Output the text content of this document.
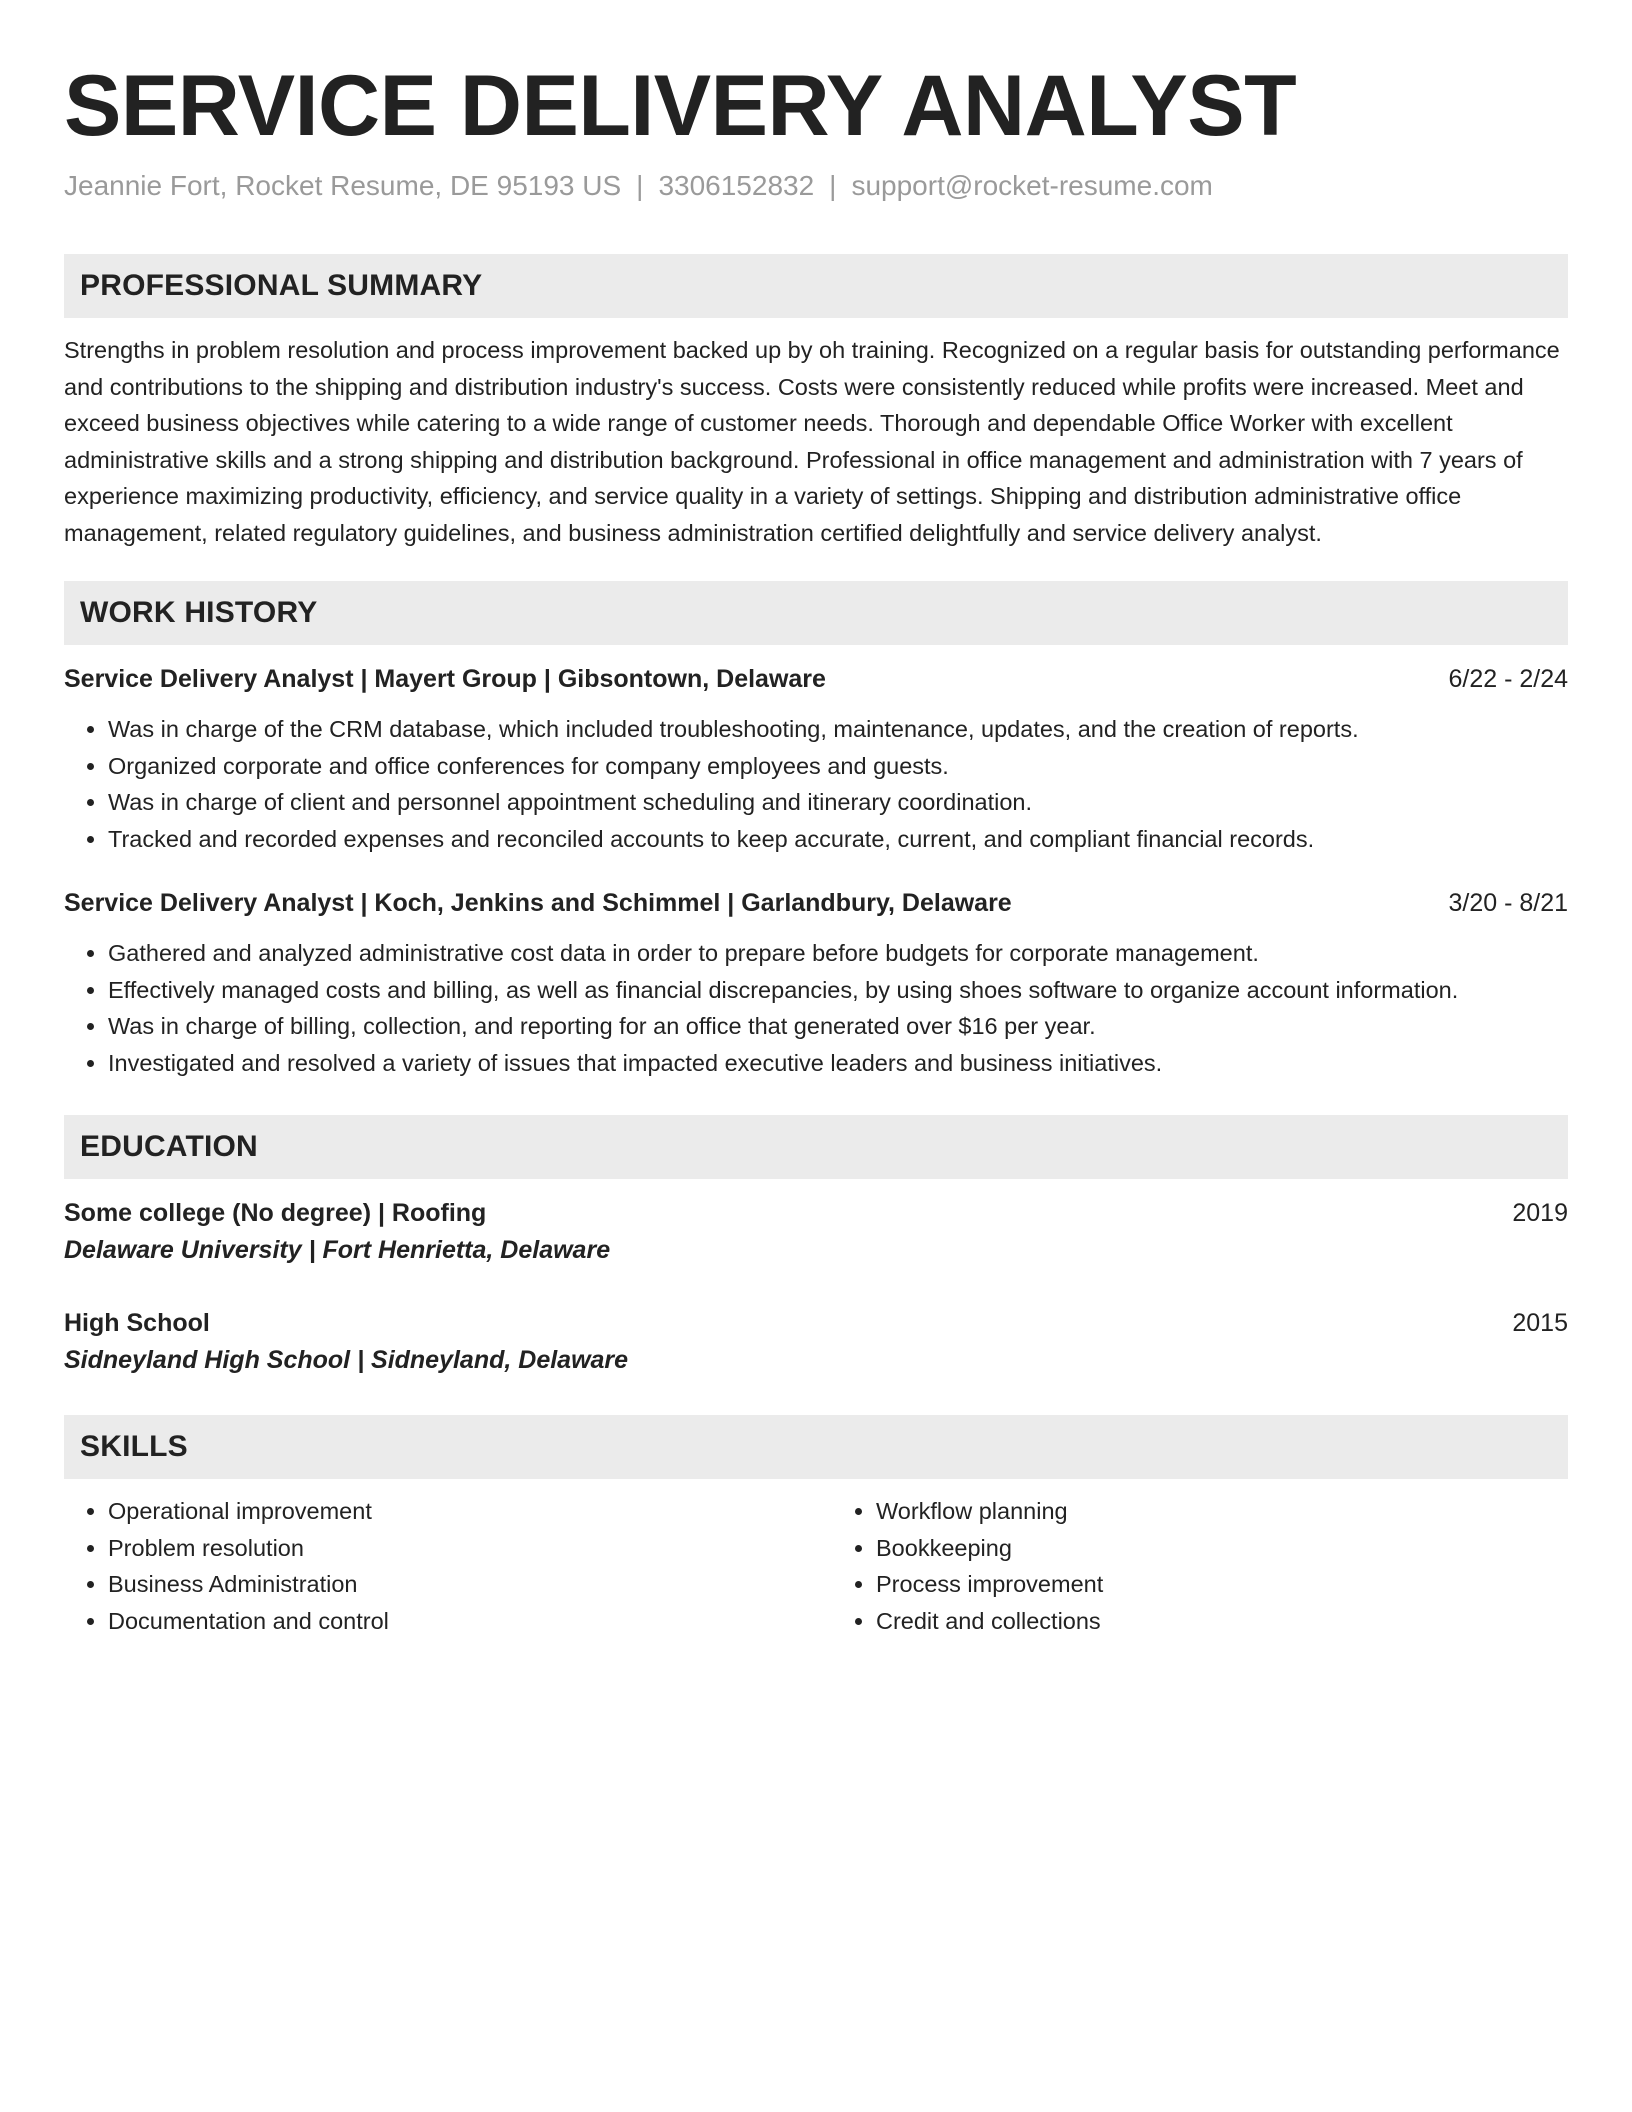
SERVICE DELIVERY ANALYST
Jeannie Fort, Rocket Resume, DE 95193 US | 3306152832 | support@rocket-resume.com
PROFESSIONAL SUMMARY

Strengths in problem resolution and process improvement backed up by oh training. Recognized on a regular basis for outstanding performance and contributions to the shipping and distribution industry's success. Costs were consistently reduced while profits were increased. Meet and exceed business objectives while catering to a wide range of customer needs. Thorough and dependable Office Worker with excellent administrative skills and a strong shipping and distribution background. Professional in office management and administration with 7 years of experience maximizing productivity, efficiency, and service quality in a variety of settings. Shipping and distribution administrative office management, related regulatory guidelines, and business administration certified delightfully and service delivery analyst.

WORK HISTORY
Service Delivery Analyst | Mayert Group | Gibsontown, Delaware	6/22 - 2/24
• Was in charge of the CRM database, which included troubleshooting, maintenance, updates, and the creation of reports.
• Organized corporate and office conferences for company employees and guests.
• Was in charge of client and personnel appointment scheduling and itinerary coordination.
• Tracked and recorded expenses and reconciled accounts to keep accurate, current, and compliant financial records.
Service Delivery Analyst | Koch, Jenkins and Schimmel | Garlandbury, Delaware	3/20 - 8/21
• Gathered and analyzed administrative cost data in order to prepare before budgets for corporate management.
• Effectively managed costs and billing, as well as financial discrepancies, by using shoes software to organize account information.
• Was in charge of billing, collection, and reporting for an office that generated over $16 per year.
• Investigated and resolved a variety of issues that impacted executive leaders and business initiatives.
EDUCATION
Some college (No degree) | Roofing	2019
Delaware University | Fort Henrietta, Delaware
High School	2015
Sidneyland High School | Sidneyland, Delaware
SKILLS
• Operational improvement
• Problem resolution
• Business Administration
• Documentation and control
• Workflow planning
• Bookkeeping
• Process improvement
• Credit and collections
